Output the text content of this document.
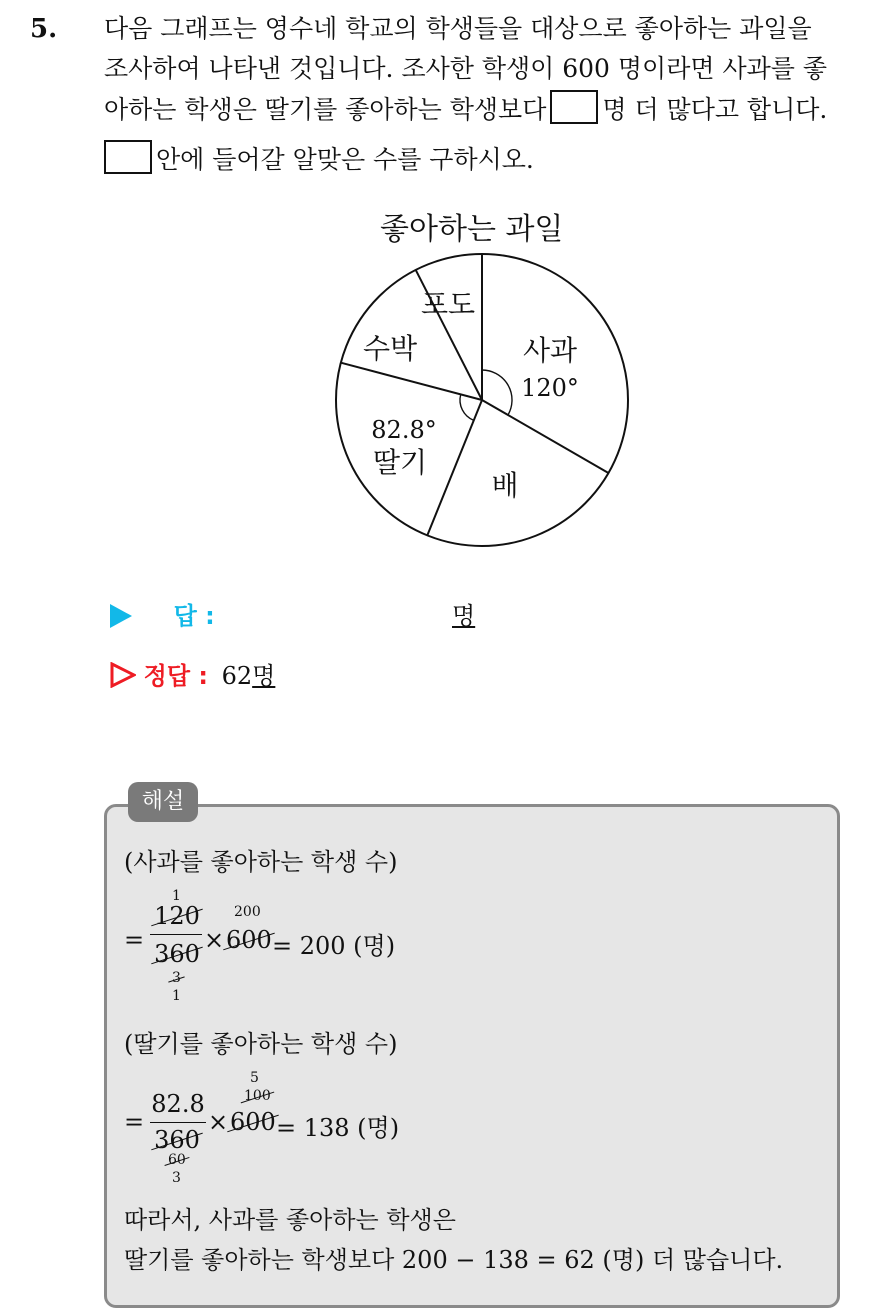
5. 다음 그래프는 영수네 학교의 학생들을 대상으로 좋아하는 과일을
조사하여 나타낸 것입니다. 조사한 학생이 600 명이라면 사과를 좋
아하는 학생은 딸기를 좋아하는 학생보다 명 더 많다고 합니다.
안에 들어갈 알맞은 수를 구하시오.
좋아하는 과일
사과
120°
배
82.8°
딸기
수박
포도
답 :	명
정답 : 62명
해설
(사과를 좋아하는 학생 수)
=
1
120
360
3
1
×
200
600 = 200 (명)
(딸기를 좋아하는 학생 수)
=
82.8
360
60
3
×
5
100
600 = 138 (명)
따라서, 사과를 좋아하는 학생은
딸기를 좋아하는 학생보다 200 − 138 = 62 (명) 더 많습니다.
